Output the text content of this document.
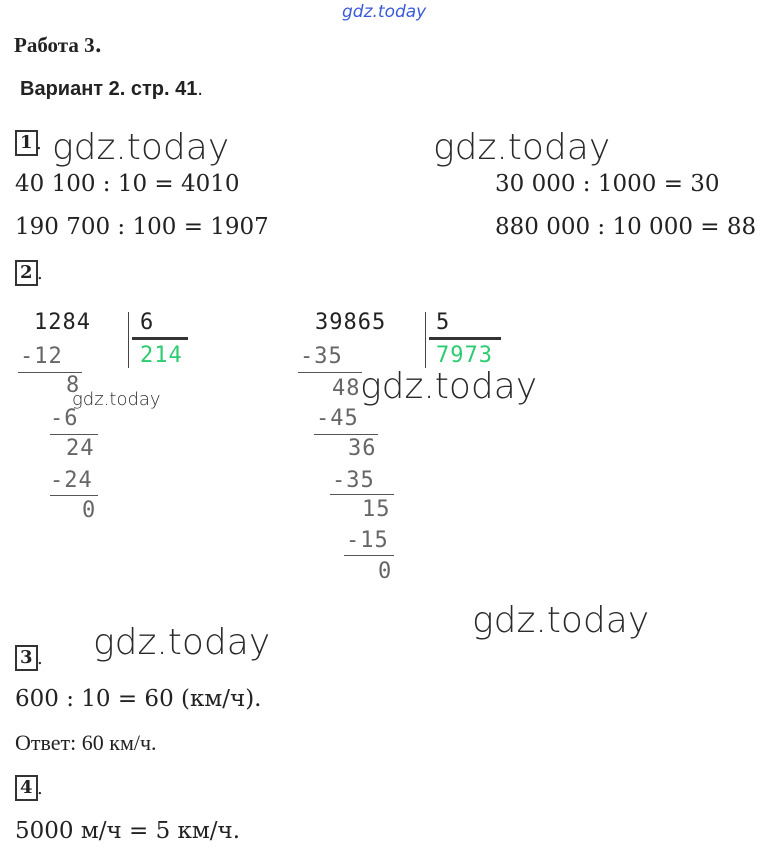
gdz.today
Работа 3.
Вариант 2. стр. 41.
1 . gdz.today	gdz.today
40 100 : 10 = 4010
190 700 : 100 = 1907
30 000 : 1000 = 30
880 000 : 10 000 = 88
2 .
1284 6
214
-12
8
-6
24
-24
0
gdz.today
39865 5
7973
-35
48
-45
36
-35
15
-15
0
gdz.today
gdz.today
gdz.today
3 .
600 : 10 = 60 (км/ч).
Ответ: 60 км/ч.
4 .
5000 м/ч = 5 км/ч.
